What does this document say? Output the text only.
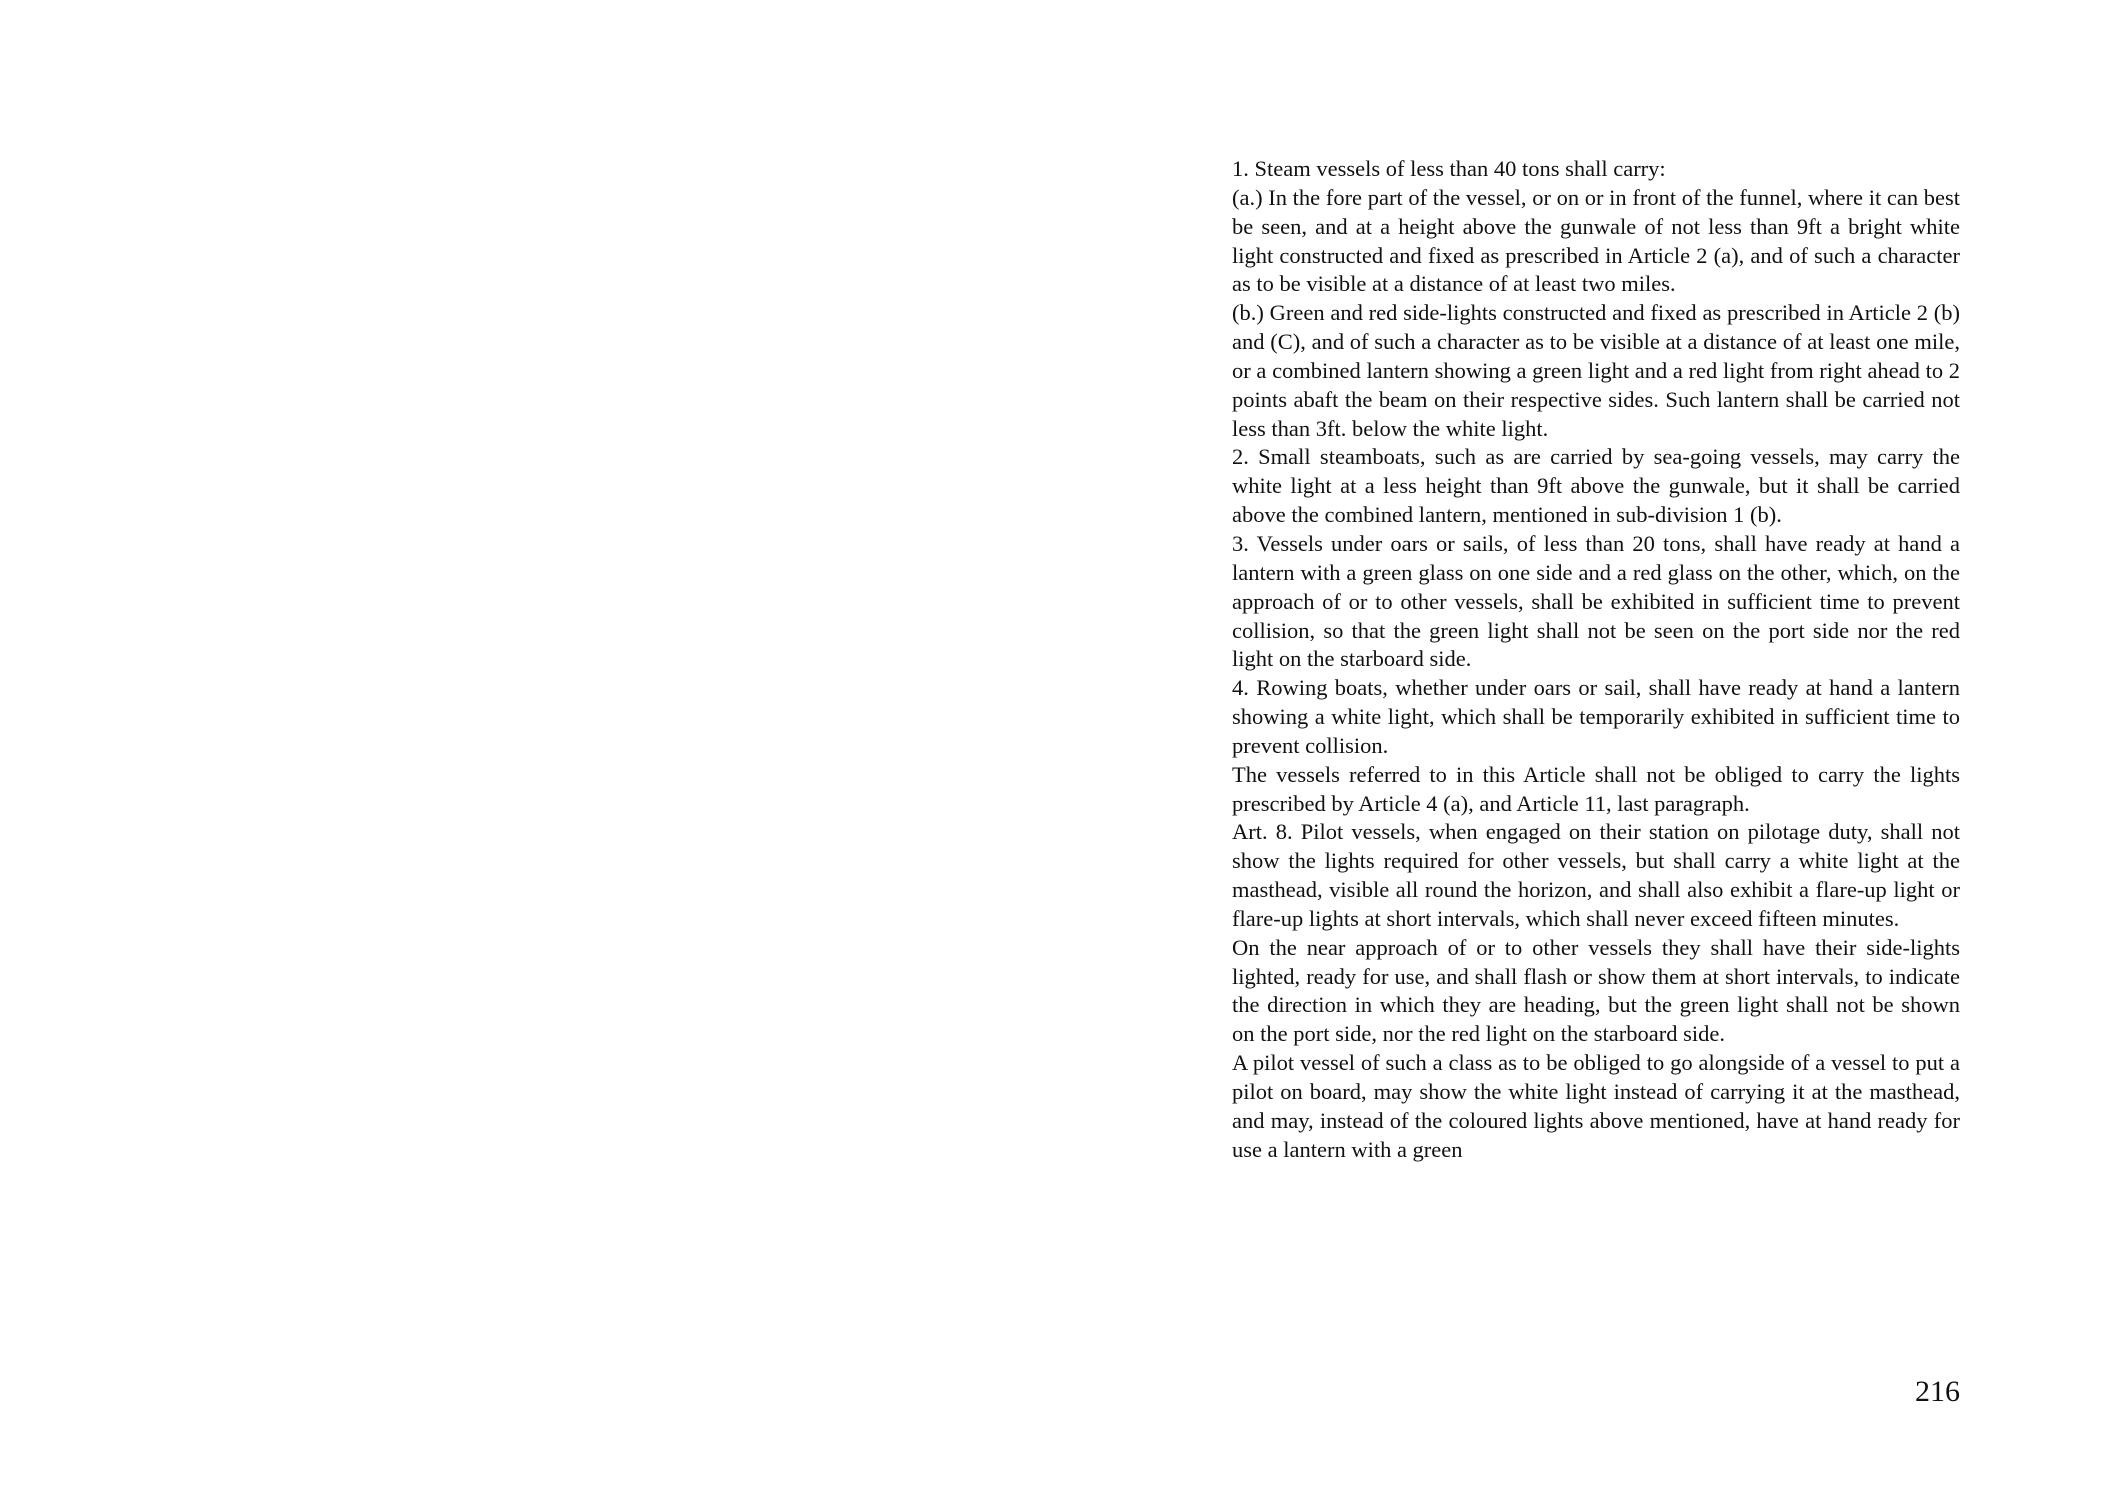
1. Steam vessels of less than 40 tons shall carry:

(a.) In the fore part of the vessel, or on or in front of the funnel, where it can best be seen, and at a height above the gunwale of not less than 9ft a bright white light constructed and fixed as prescribed in Article 2 (a), and of such a character as to be visible at a distance of at least two miles.

(b.) Green and red side-lights constructed and fixed as prescribed in Article 2 (b) and (C), and of such a character as to be visible at a distance of at least one mile, or a combined lantern showing a green light and a red light from right ahead to 2 points abaft the beam on their respective sides. Such lantern shall be carried not less than 3ft. below the white light.

2. Small steamboats, such as are carried by sea-going vessels, may carry the white light at a less height than 9ft above the gunwale, but it shall be carried above the combined lantern, mentioned in sub-division 1 (b).

3. Vessels under oars or sails, of less than 20 tons, shall have ready at hand a lantern with a green glass on one side and a red glass on the other, which, on the approach of or to other vessels, shall be exhibited in sufficient time to prevent collision, so that the green light shall not be seen on the port side nor the red light on the starboard side.

4. Rowing boats, whether under oars or sail, shall have ready at hand a lantern showing a white light, which shall be temporarily exhibited in sufficient time to prevent collision.

The vessels referred to in this Article shall not be obliged to carry the lights prescribed by Article 4 (a), and Article 11, last paragraph.

Art. 8. Pilot vessels, when engaged on their station on pilotage duty, shall not show the lights required for other vessels, but shall carry a white light at the masthead, visible all round the horizon, and shall also exhibit a flare-up light or flare-up lights at short intervals, which shall never exceed fifteen minutes.

On the near approach of or to other vessels they shall have their side-lights lighted, ready for use, and shall flash or show them at short intervals, to indicate the direction in which they are heading, but the green light shall not be shown on the port side, nor the red light on the starboard side.

A pilot vessel of such a class as to be obliged to go alongside of a vessel to put a pilot on board, may show the white light instead of carrying it at the masthead, and may, instead of the coloured lights above mentioned, have at hand ready for use a lantern with a green

216
